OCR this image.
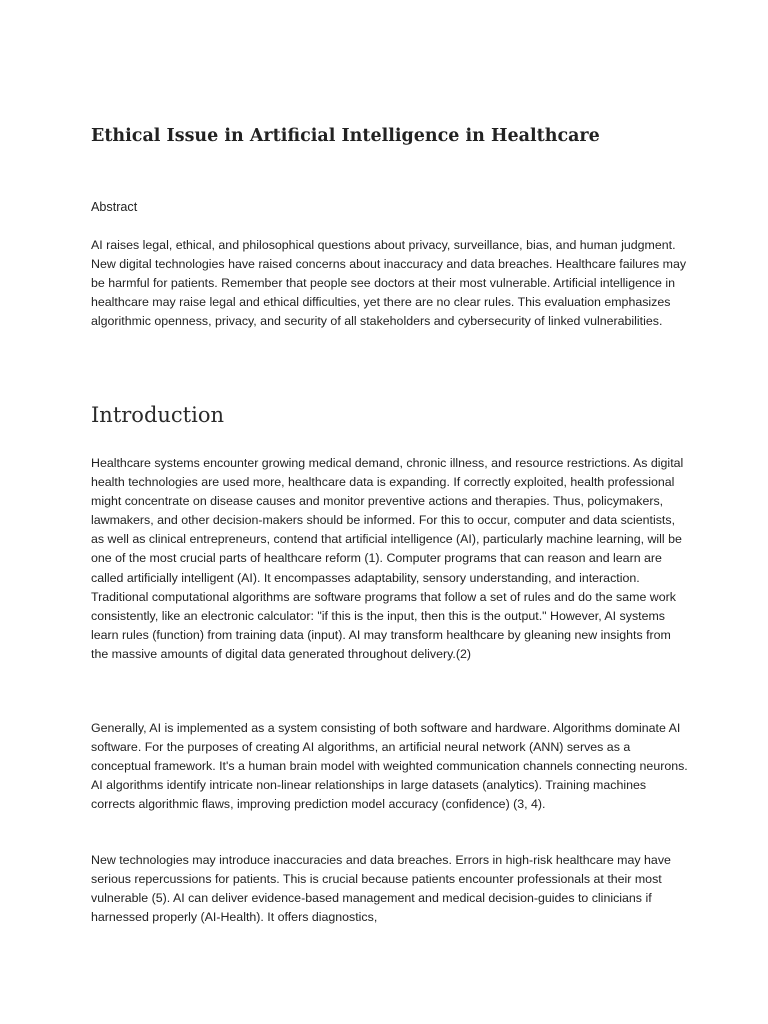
Ethical Issue in Artificial Intelligence in Healthcare

Abstract

AI raises legal, ethical, and philosophical questions about privacy, surveillance, bias, and human judgment. New digital technologies have raised concerns about inaccuracy and data breaches. Healthcare failures may be harmful for patients. Remember that people see doctors at their most vulnerable. Artificial intelligence in healthcare may raise legal and ethical difficulties, yet there are no clear rules. This evaluation emphasizes algorithmic openness, privacy, and security of all stakeholders and cybersecurity of linked vulnerabilities.

Introduction

Healthcare systems encounter growing medical demand, chronic illness, and resource restrictions. As digital health technologies are used more, healthcare data is expanding. If correctly exploited, health professional might concentrate on disease causes and monitor preventive actions and therapies. Thus, policymakers, lawmakers, and other decision-makers should be informed. For this to occur, computer and data scientists, as well as clinical entrepreneurs, contend that artificial intelligence (AI), particularly machine learning, will be one of the most crucial parts of healthcare reform (1). Computer programs that can reason and learn are called artificially intelligent (AI). It encompasses adaptability, sensory understanding, and interaction. Traditional computational algorithms are software programs that follow a set of rules and do the same work consistently, like an electronic calculator: "if this is the input, then this is the output." However, AI systems learn rules (function) from training data (input). AI may transform healthcare by gleaning new insights from the massive amounts of digital data generated throughout delivery.(2)

Generally, AI is implemented as a system consisting of both software and hardware. Algorithms dominate AI software. For the purposes of creating AI algorithms, an artificial neural network (ANN) serves as a conceptual framework. It's a human brain model with weighted communication channels connecting neurons. AI algorithms identify intricate non-linear relationships in large datasets (analytics). Training machines corrects algorithmic flaws, improving prediction model accuracy (confidence) (3, 4).

New technologies may introduce inaccuracies and data breaches. Errors in high-risk healthcare may have serious repercussions for patients. This is crucial because patients encounter professionals at their most vulnerable (5). AI can deliver evidence-based management and medical decision-guides to clinicians if harnessed properly (AI-Health). It offers diagnostics,
